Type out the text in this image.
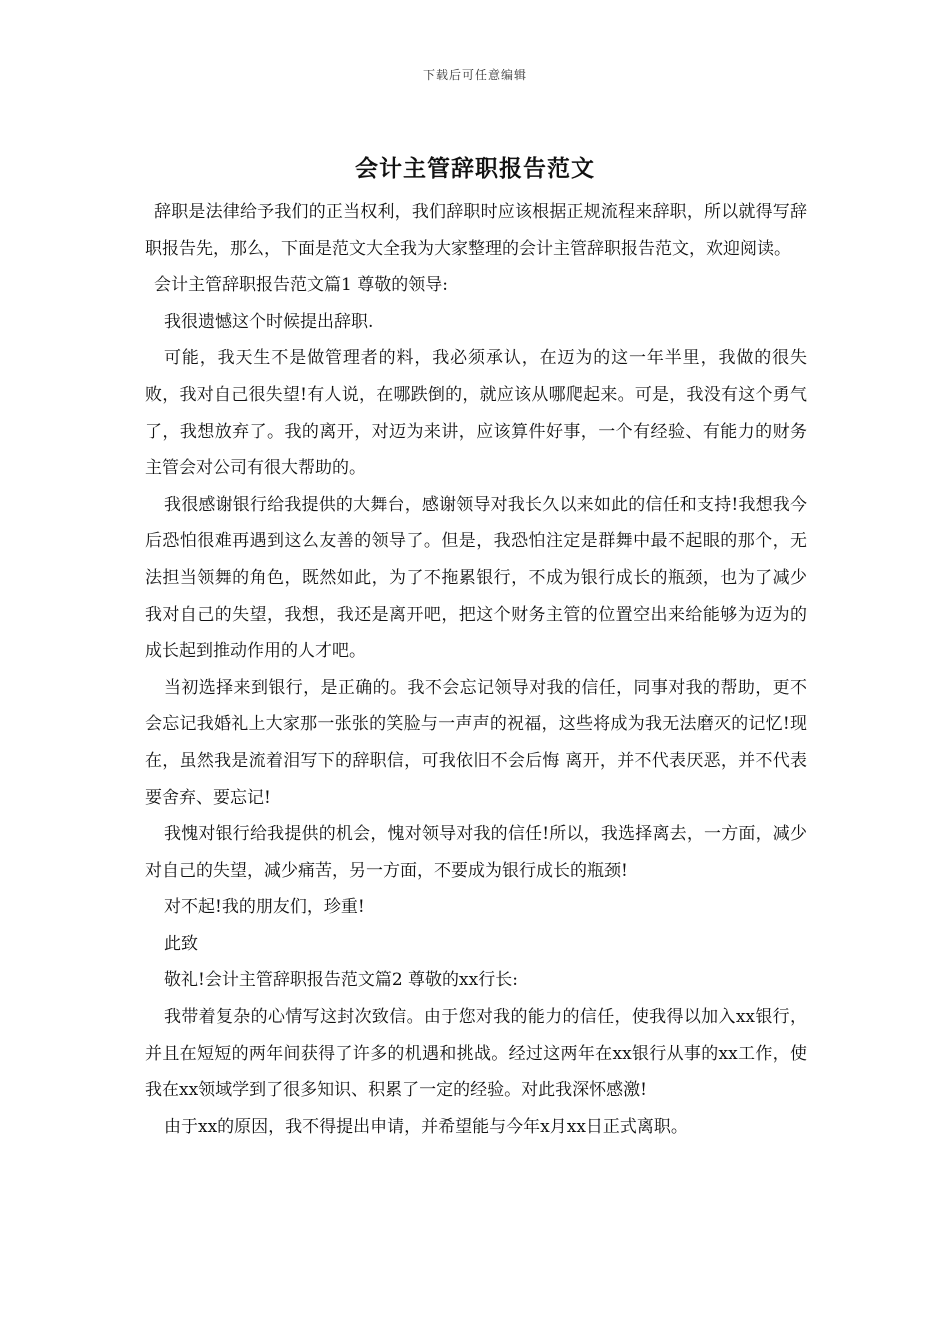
下载后可任意编辑
会计主管辞职报告范文

辞职是法律给予我们的正当权利，我们辞职时应该根据正规流程来辞职，所以就得写辞职报告先，那么，下面是范文大全我为大家整理的会计主管辞职报告范文，欢迎阅读。

会计主管辞职报告范文篇1 尊敬的领导:

我很遗憾这个时候提出辞职.

可能，我天生不是做管理者的料，我必须承认，在迈为的这一年半里，我做的很失败，我对自己很失望!有人说，在哪跌倒的，就应该从哪爬起来。可是，我没有这个勇气了，我想放弃了。我的离开，对迈为来讲，应该算件好事，一个有经验、有能力的财务主管会对公司有很大帮助的。

我很感谢银行给我提供的大舞台，感谢领导对我长久以来如此的信任和支持!我想我今后恐怕很难再遇到这么友善的领导了。但是，我恐怕注定是群舞中最不起眼的那个，无法担当领舞的角色，既然如此，为了不拖累银行，不成为银行成长的瓶颈，也为了减少我对自己的失望，我想，我还是离开吧，把这个财务主管的位置空出来给能够为迈为的成长起到推动作用的人才吧。

当初选择来到银行，是正确的。我不会忘记领导对我的信任，同事对我的帮助，更不会忘记我婚礼上大家那一张张的笑脸与一声声的祝福，这些将成为我无法磨灭的记忆!现在，虽然我是流着泪写下的辞职信，可我依旧不会后悔 离开，并不代表厌恶，并不代表要舍弃、要忘记!

我愧对银行给我提供的机会，愧对领导对我的信任!所以，我选择离去，一方面，减少对自己的失望，减少痛苦，另一方面，不要成为银行成长的瓶颈!

对不起!我的朋友们，珍重!

此致

敬礼!会计主管辞职报告范文篇2 尊敬的xx行长:

我带着复杂的心情写这封次致信。由于您对我的能力的信任，使我得以加入xx银行，并且在短短的两年间获得了许多的机遇和挑战。经过这两年在xx银行从事的xx工作，使我在xx领域学到了很多知识、积累了一定的经验。对此我深怀感激!

由于xx的原因，我不得提出申请，并希望能与今年x月xx日正式离职。
